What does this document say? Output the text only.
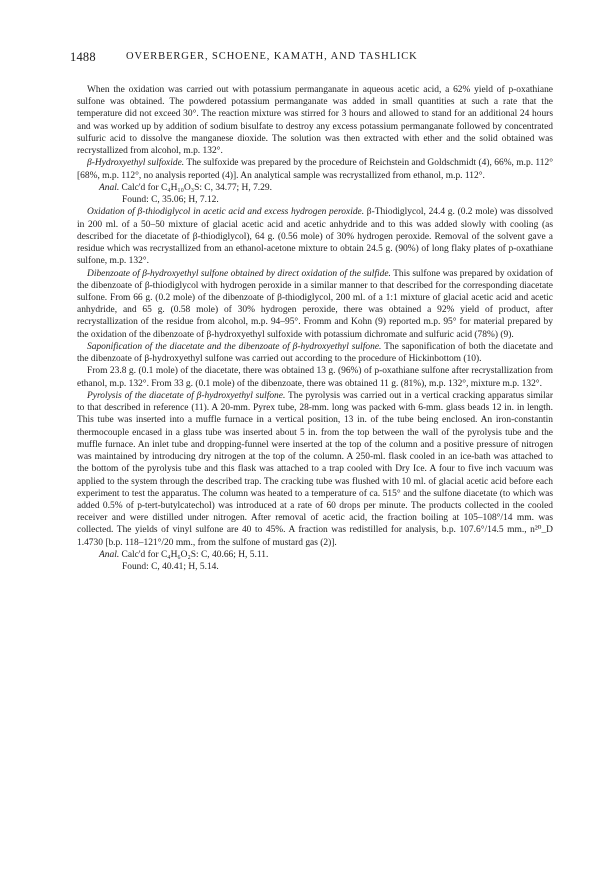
1488	OVERBERGER, SCHOENE, KAMATH, AND TASHLICK

When the oxidation was carried out with potassium permanganate in aqueous acetic acid, a 62% yield of p-oxathiane sulfone was obtained. The powdered potassium permanganate was added in small quantities at such a rate that the temperature did not exceed 30°. The reaction mixture was stirred for 3 hours and allowed to stand for an additional 24 hours and was worked up by addition of sodium bisulfate to destroy any excess potassium permanganate followed by concentrated sulfuric acid to dissolve the manganese dioxide. The solution was then extracted with ether and the solid obtained was recrystallized from alcohol, m.p. 132°.

β-Hydroxyethyl sulfoxide. The sulfoxide was prepared by the procedure of Reichstein and Goldschmidt (4), 66%, m.p. 112° [68%, m.p. 112°, no analysis reported (4)]. An analytical sample was recrystallized from ethanol, m.p. 112°.

Anal. Calc'd for C₄H₁₀O₃S: C, 34.77; H, 7.29.

Found: C, 35.06; H, 7.12.

Oxidation of β-thiodiglycol in acetic acid and excess hydrogen peroxide. β-Thiodiglycol, 24.4 g. (0.2 mole) was dissolved in 200 ml. of a 50–50 mixture of glacial acetic acid and acetic anhydride and to this was added slowly with cooling (as described for the diacetate of β-thiodiglycol), 64 g. (0.56 mole) of 30% hydrogen peroxide. Removal of the solvent gave a residue which was recrystallized from an ethanol-acetone mixture to obtain 24.5 g. (90%) of long flaky plates of p-oxathiane sulfone, m.p. 132°.

Dibenzoate of β-hydroxyethyl sulfone obtained by direct oxidation of the sulfide. This sulfone was prepared by oxidation of the dibenzoate of β-thiodiglycol with hydrogen peroxide in a similar manner to that described for the corresponding diacetate sulfone. From 66 g. (0.2 mole) of the dibenzoate of β-thiodiglycol, 200 ml. of a 1:1 mixture of glacial acetic acid and acetic anhydride, and 65 g. (0.58 mole) of 30% hydrogen peroxide, there was obtained a 92% yield of product, after recrystallization of the residue from alcohol, m.p. 94–95°. Fromm and Kohn (9) reported m.p. 95° for material prepared by the oxidation of the dibenzoate of β-hydroxyethyl sulfoxide with potassium dichromate and sulfuric acid (78%) (9).

Saponification of the diacetate and the dibenzoate of β-hydroxyethyl sulfone. The saponification of both the diacetate and the dibenzoate of β-hydroxyethyl sulfone was carried out according to the procedure of Hickinbottom (10).

From 23.8 g. (0.1 mole) of the diacetate, there was obtained 13 g. (96%) of p-oxathiane sulfone after recrystallization from ethanol, m.p. 132°. From 33 g. (0.1 mole) of the dibenzoate, there was obtained 11 g. (81%), m.p. 132°, mixture m.p. 132°.

Pyrolysis of the diacetate of β-hydroxyethyl sulfone. The pyrolysis was carried out in a vertical cracking apparatus similar to that described in reference (11). A 20-mm. Pyrex tube, 28-mm. long was packed with 6-mm. glass beads 12 in. in length. This tube was inserted into a muffle furnace in a vertical position, 13 in. of the tube being enclosed. An iron-constantin thermocouple encased in a glass tube was inserted about 5 in. from the top between the wall of the pyrolysis tube and the muffle furnace. An inlet tube and dropping-funnel were inserted at the top of the column and a positive pressure of nitrogen was maintained by introducing dry nitrogen at the top of the column. A 250-ml. flask cooled in an ice-bath was attached to the bottom of the pyrolysis tube and this flask was attached to a trap cooled with Dry Ice. A four to five inch vacuum was applied to the system through the described trap. The cracking tube was flushed with 10 ml. of glacial acetic acid before each experiment to test the apparatus. The column was heated to a temperature of ca. 515° and the sulfone diacetate (to which was added 0.5% of p-tert-butylcatechol) was introduced at a rate of 60 drops per minute. The products collected in the cooled receiver and were distilled under nitrogen. After removal of acetic acid, the fraction boiling at 105–108°/14 mm. was collected. The yields of vinyl sulfone are 40 to 45%. A fraction was redistilled for analysis, b.p. 107.6°/14.5 mm., n²⁰_D 1.4730 [b.p. 118–121°/20 mm., from the sulfone of mustard gas (2)].

Anal. Calc'd for C₄H₆O₂S: C, 40.66; H, 5.11.

Found: C, 40.41; H, 5.14.
